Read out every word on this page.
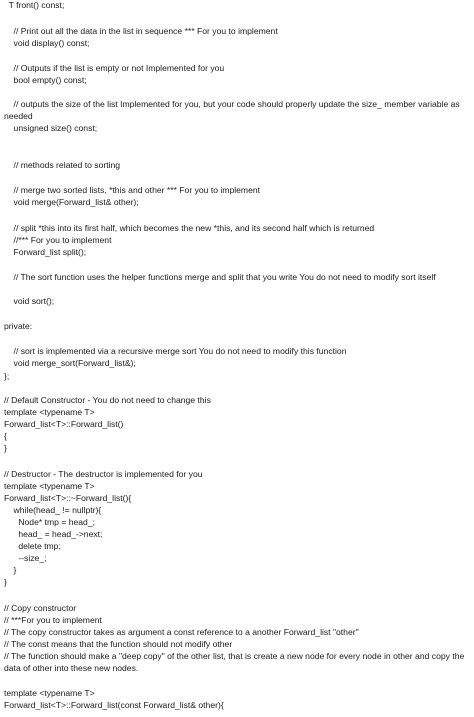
T front() const;
// Print out all the data in the list in sequence *** For you to implement
void display() const;
// Outputs if the list is empty or not Implemented for you
bool empty() const;
// outputs the size of the list Implemented for you, but your code should properly update the size_ member variable as
needed
unsigned size() const;
// methods related to sorting
// merge two sorted lists, *this and other *** For you to implement
void merge(Forward_list& other);
// split *this into its first half, which becomes the new *this, and its second half which is returned
//*** For you to implement
Forward_list split();
// The sort function uses the helper functions merge and split that you write You do not need to modify sort itself
void sort();
private:
// sort is implemented via a recursive merge sort You do not need to modify this function
void merge_sort(Forward_list&);
};
// Default Constructor - You do not need to change this
template <typename T>
Forward_list<T>::Forward_list()
{
}
// Destructor - The destructor is implemented for you
template <typename T>
Forward_list<T>::~Forward_list(){
while(head_ != nullptr){
Node* tmp = head_;
head_ = head_->next;
delete tmp;
--size_;
}
}
// Copy constructor
// ***For you to implement
// The copy constructor takes as argument a const reference to a another Forward_list "other"
// The const means that the function should not modify other
// The function should make a "deep copy" of the other list, that is create a new node for every node in other and copy the
data of other into these new nodes.
template <typename T>
Forward_list<T>::Forward_list(const Forward_list& other){
